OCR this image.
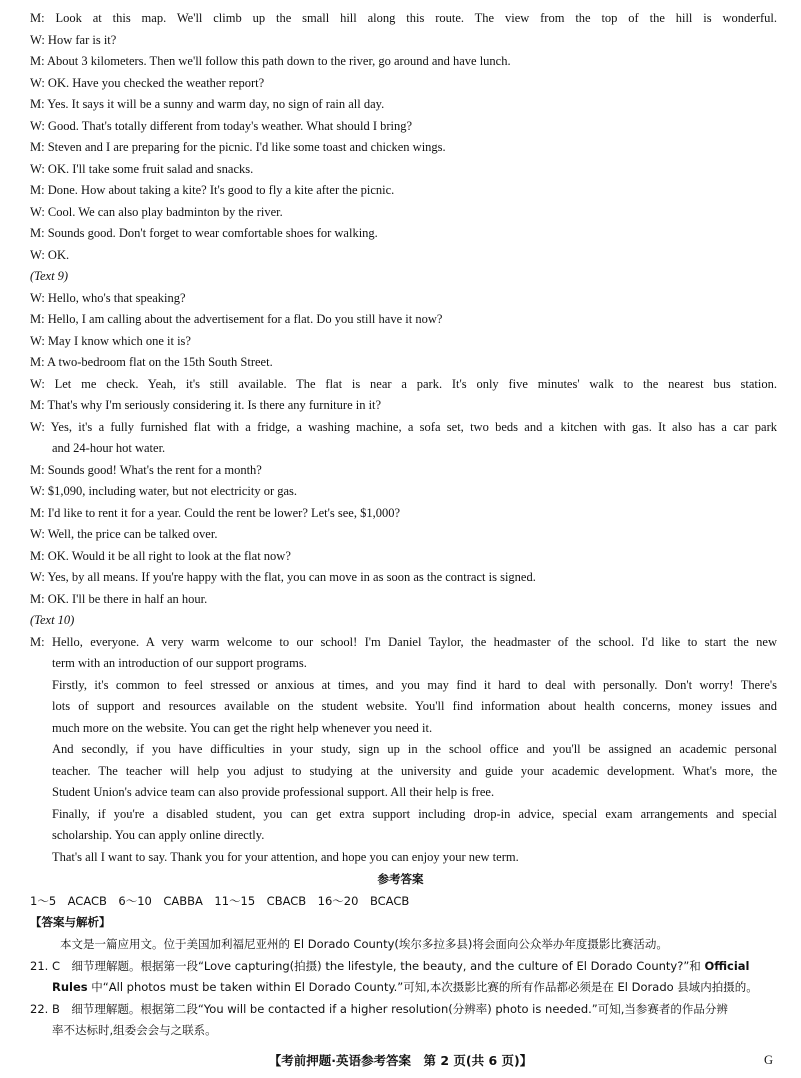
M: Look at this map. We'll climb up the small hill along this route. The view from the top of the hill is wonderful.
W: How far is it?
M: About 3 kilometers. Then we'll follow this path down to the river, go around and have lunch.
W: OK. Have you checked the weather report?
M: Yes. It says it will be a sunny and warm day, no sign of rain all day.
W: Good. That's totally different from today's weather. What should I bring?
M: Steven and I are preparing for the picnic. I'd like some toast and chicken wings.
W: OK. I'll take some fruit salad and snacks.
M: Done. How about taking a kite? It's good to fly a kite after the picnic.
W: Cool. We can also play badminton by the river.
M: Sounds good. Don't forget to wear comfortable shoes for walking.
W: OK.
(Text 9)
W: Hello, who's that speaking?
M: Hello, I am calling about the advertisement for a flat. Do you still have it now?
W: May I know which one it is?
M: A two-bedroom flat on the 15th South Street.
W: Let me check. Yeah, it's still available. The flat is near a park. It's only five minutes' walk to the nearest bus station.
M: That's why I'm seriously considering it. Is there any furniture in it?
W: Yes, it's a fully furnished flat with a fridge, a washing machine, a sofa set, two beds and a kitchen with gas. It also has a car park
and 24-hour hot water.
M: Sounds good! What's the rent for a month?
W: $1,090, including water, but not electricity or gas.
M: I'd like to rent it for a year. Could the rent be lower? Let's see, $1,000?
W: Well, the price can be talked over.
M: OK. Would it be all right to look at the flat now?
W: Yes, by all means. If you're happy with the flat, you can move in as soon as the contract is signed.
M: OK. I'll be there in half an hour.
(Text 10)
M: Hello, everyone. A very warm welcome to our school! I'm Daniel Taylor, the headmaster of the school. I'd like to start the new
term with an introduction of our support programs.
Firstly, it's common to feel stressed or anxious at times, and you may find it hard to deal with personally. Don't worry! There's
lots of support and resources available on the student website. You'll find information about health concerns, money issues and
much more on the website. You can get the right help whenever you need it.
And secondly, if you have difficulties in your study, sign up in the school office and you'll be assigned an academic personal
teacher. The teacher will help you adjust to studying at the university and guide your academic development. What's more, the
Student Union's advice team can also provide professional support. All their help is free.
Finally, if you're a disabled student, you can get extra support including drop-in advice, special exam arrangements and special
scholarship. You can apply online directly.
That's all I want to say. Thank you for your attention, and hope you can enjoy your new term.
参考答案
1～5　ACACB　6～10　CABBA　11～15　CBACB　16～20　BCACB
【答案与解析】
本文是一篇应用文。位于美国加利福尼亚州的 El Dorado County(埃尔多拉多县)将会面向公众举办年度摄影比赛活动。
21. C　细节理解题。根据第一段“Love capturing(拍摄) the lifestyle, the beauty, and the culture of El Dorado County?”和 Official
Rules 中“All photos must be taken within El Dorado County.”可知,本次摄影比赛的所有作品都必须是在 El Dorado 县域内拍摄的。
22. B　细节理解题。根据第二段“You will be contacted if a higher resolution(分辨率) photo is needed.”可知,当参赛者的作品分辨
率不达标时,组委会会与之联系。
【考前押题·英语参考答案　第 2 页(共 6 页)】	G
